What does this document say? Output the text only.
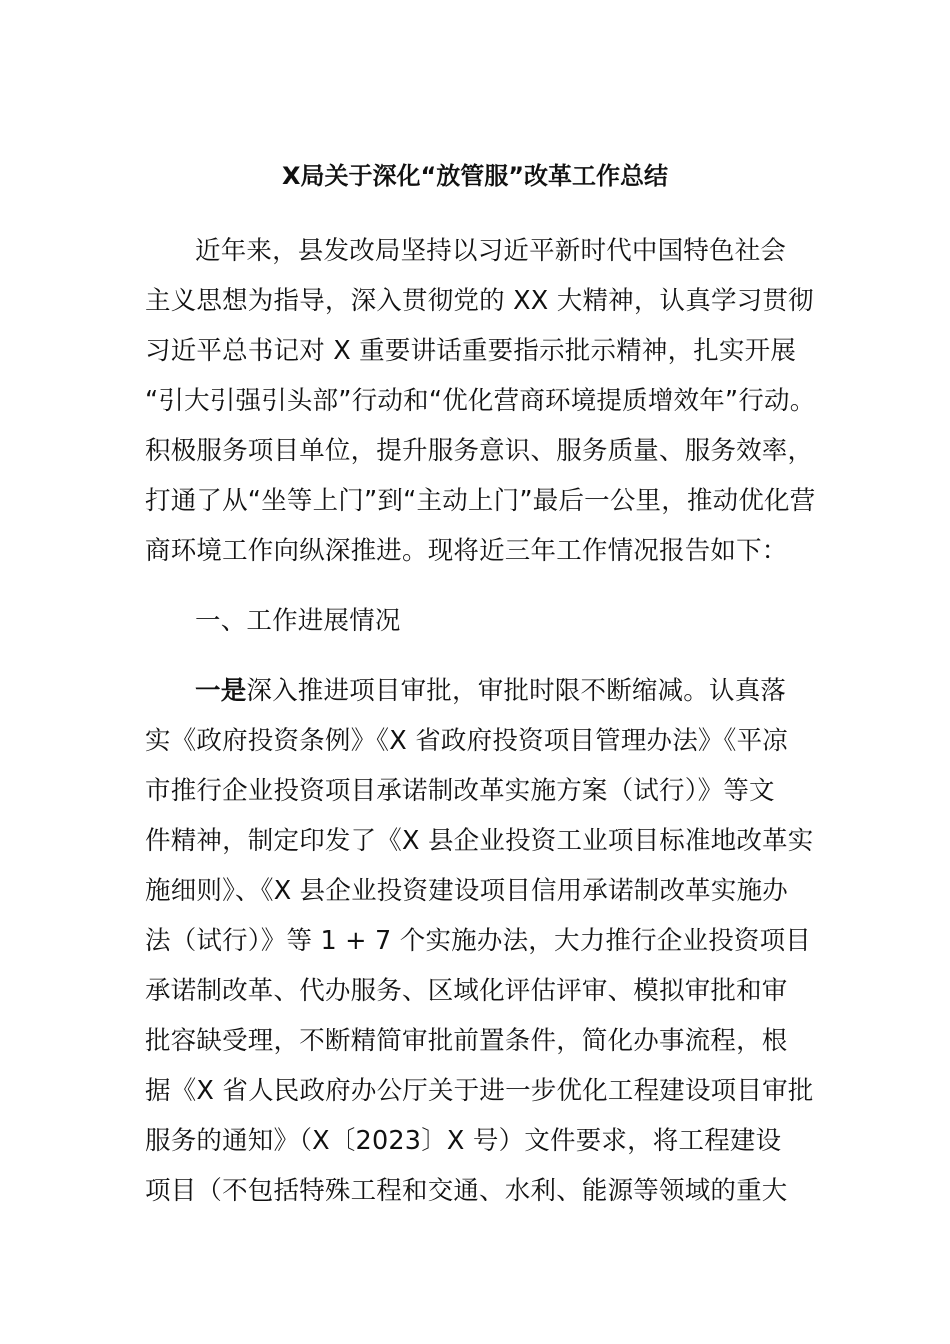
X局关于深化“放管服”改革工作总结
近年来，县发改局坚持以习近平新时代中国特色社会
主义思想为指导，深入贯彻党的 XX 大精神，认真学习贯彻
习近平总书记对 X 重要讲话重要指示批示精神，扎实开展
“引大引强引头部”行动和“优化营商环境提质增效年”行动。
积极服务项目单位，提升服务意识、服务质量、服务效率，
打通了从“坐等上门”到“主动上门”最后一公里，推动优化营
商环境工作向纵深推进。现将近三年工作情况报告如下：
一、工作进展情况
一是深入推进项目审批，审批时限不断缩减。认真落
实《政府投资条例》《X 省政府投资项目管理办法》《平凉
市推行企业投资项目承诺制改革实施方案（试行）》等文
件精神，制定印发了《X 县企业投资工业项目标准地改革实
施细则》、《X 县企业投资建设项目信用承诺制改革实施办
法（试行）》等 1 + 7 个实施办法，大力推行企业投资项目
承诺制改革、代办服务、区域化评估评审、模拟审批和审
批容缺受理，不断精简审批前置条件，简化办事流程，根
据《X 省人民政府办公厅关于进一步优化工程建设项目审批
服务的通知》（X〔2023〕X 号）文件要求，将工程建设
项目（不包括特殊工程和交通、水利、能源等领域的重大
